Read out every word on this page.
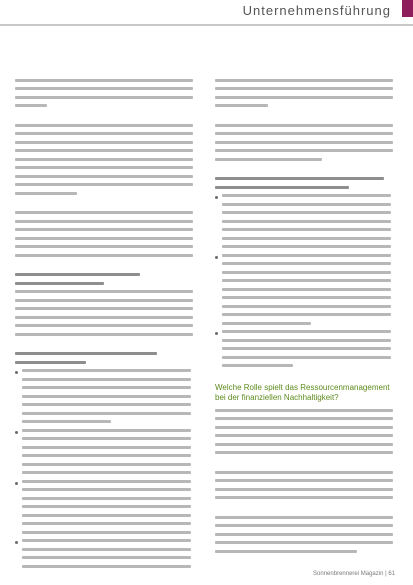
Unternehmensführung
Welche Rolle spielt das Ressourcenmanagement bei der finanziellen Nachhaltigkeit?
Sonnenbrennerei Magazin | 61
